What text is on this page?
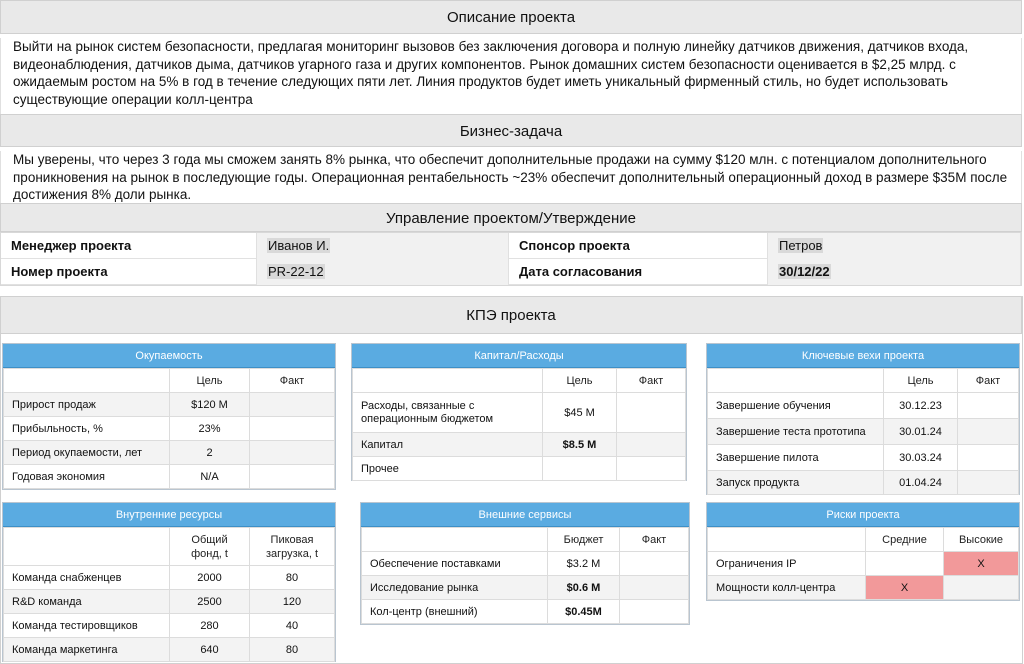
Описание проекта
Выйти на рынок систем безопасности, предлагая мониторинг вызовов без заключения договора и полную линейку датчиков движения, датчиков входа, видеонаблюдения, датчиков дыма, датчиков угарного газа и других компонентов. Рынок домашних систем безопасности оценивается в $2,25 млрд. с ожидаемым ростом на 5% в год в течение следующих пяти лет. Линия продуктов будет иметь уникальный фирменный стиль, но будет использовать существующие операции колл-центра
Бизнес-задача
Мы уверены, что через 3 года мы сможем занять 8% рынка, что обеспечит дополнительные продажи на сумму $120 млн. с потенциалом дополнительного проникновения на рынок в последующие годы. Операционная рентабельность ~23% обеспечит дополнительный операционный доход в размере $35M после достижения 8% доли рынка.
Управление проектом/Утверждение
Менеджер проекта	Иванов И.	Спонсор проекта	Петров
Номер проекта	PR-22-12	Дата согласования	30/12/22
КПЭ проекта
Окупаемость
	Цель	Факт
Прирост продаж	$120 M	
Прибыльность, %	23%	
Период окупаемости, лет	2	
Годовая экономия	N/A	
Капитал/Расходы
	Цель	Факт
Расходы, связанные с операционным бюджетом	$45 M	
Капитал	$8.5 M	
Прочее		
Ключевые вехи проекта
	Цель	Факт
Завершение обучения	30.12.23	
Завершение теста прототипа	30.01.24	
Завершение пилота	30.03.24	
Запуск продукта	01.04.24	
Внутренние ресурсы
	Общий фонд, t	Пиковая загрузка, t
Команда снабженцев	2000	80
R&D команда	2500	120
Команда тестировщиков	280	40
Команда маркетинга	640	80
Внешние сервисы
	Бюджет	Факт
Обеспечение поставками	$3.2 M	
Исследование рынка	$0.6 M	
Кол-центр (внешний)	$0.45M	
Риски проекта
	Средние	Высокие
Ограничения IP		X
Мощности колл-центра	X	
